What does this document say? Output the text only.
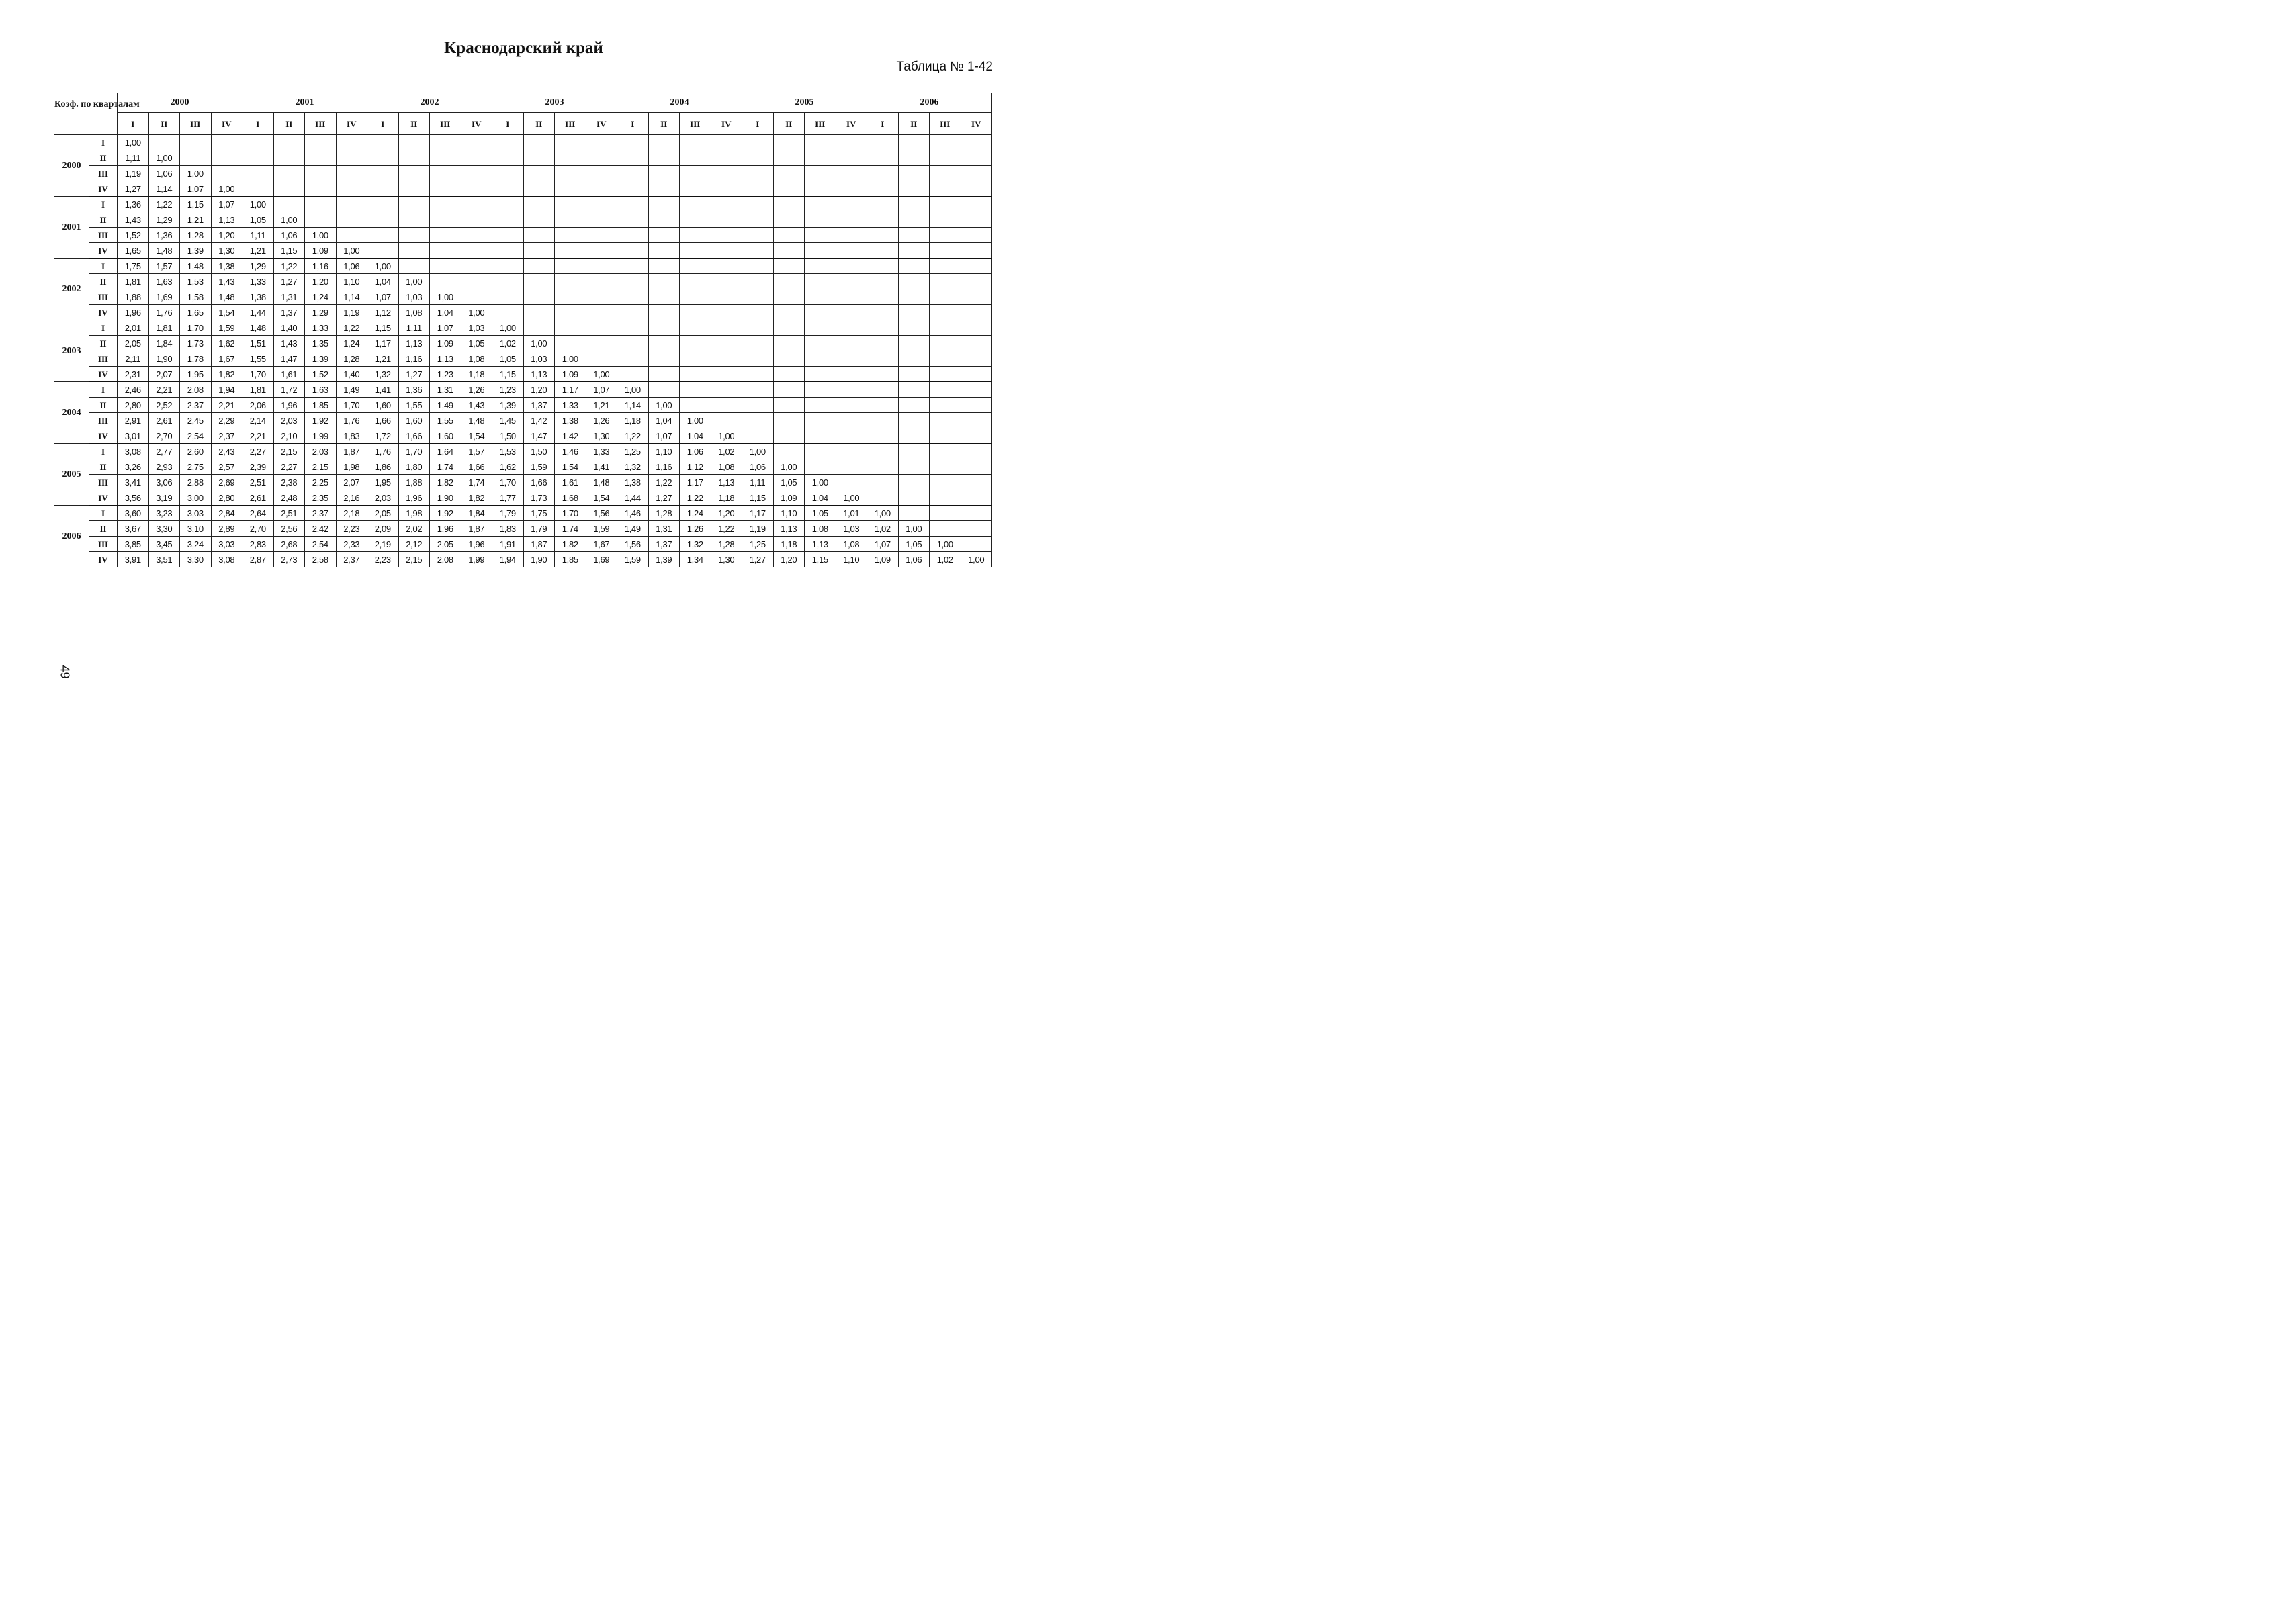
Краснодарский край
Таблица № 1-42
Коэф. по кварталам		2000				2001				2002				2003				2004				2005				2006			
		I	II	III	IV	I	II	III	IV	I	II	III	IV	I	II	III	IV	I	II	III	IV	I	II	III	IV	I	II	III	IV
2000	I	1,00																											
	II	1,11	1,00																										
	III	1,19	1,06	1,00																									
	IV	1,27	1,14	1,07	1,00																								
2001	I	1,36	1,22	1,15	1,07	1,00																							
	II	1,43	1,29	1,21	1,13	1,05	1,00																						
	III	1,52	1,36	1,28	1,20	1,11	1,06	1,00																					
	IV	1,65	1,48	1,39	1,30	1,21	1,15	1,09	1,00																				
2002	I	1,75	1,57	1,48	1,38	1,29	1,22	1,16	1,06	1,00																			
	II	1,81	1,63	1,53	1,43	1,33	1,27	1,20	1,10	1,04	1,00																		
	III	1,88	1,69	1,58	1,48	1,38	1,31	1,24	1,14	1,07	1,03	1,00																	
	IV	1,96	1,76	1,65	1,54	1,44	1,37	1,29	1,19	1,12	1,08	1,04	1,00																
2003	I	2,01	1,81	1,70	1,59	1,48	1,40	1,33	1,22	1,15	1,11	1,07	1,03	1,00															
	II	2,05	1,84	1,73	1,62	1,51	1,43	1,35	1,24	1,17	1,13	1,09	1,05	1,02	1,00														
	III	2,11	1,90	1,78	1,67	1,55	1,47	1,39	1,28	1,21	1,16	1,13	1,08	1,05	1,03	1,00													
	IV	2,31	2,07	1,95	1,82	1,70	1,61	1,52	1,40	1,32	1,27	1,23	1,18	1,15	1,13	1,09	1,00												
2004	I	2,46	2,21	2,08	1,94	1,81	1,72	1,63	1,49	1,41	1,36	1,31	1,26	1,23	1,20	1,17	1,07	1,00											
	II	2,80	2,52	2,37	2,21	2,06	1,96	1,85	1,70	1,60	1,55	1,49	1,43	1,39	1,37	1,33	1,21	1,14	1,00										
	III	2,91	2,61	2,45	2,29	2,14	2,03	1,92	1,76	1,66	1,60	1,55	1,48	1,45	1,42	1,38	1,26	1,18	1,04	1,00									
	IV	3,01	2,70	2,54	2,37	2,21	2,10	1,99	1,83	1,72	1,66	1,60	1,54	1,50	1,47	1,42	1,30	1,22	1,07	1,04	1,00								
2005	I	3,08	2,77	2,60	2,43	2,27	2,15	2,03	1,87	1,76	1,70	1,64	1,57	1,53	1,50	1,46	1,33	1,25	1,10	1,06	1,02	1,00							
	II	3,26	2,93	2,75	2,57	2,39	2,27	2,15	1,98	1,86	1,80	1,74	1,66	1,62	1,59	1,54	1,41	1,32	1,16	1,12	1,08	1,06	1,00						
	III	3,41	3,06	2,88	2,69	2,51	2,38	2,25	2,07	1,95	1,88	1,82	1,74	1,70	1,66	1,61	1,48	1,38	1,22	1,17	1,13	1,11	1,05	1,00					
	IV	3,56	3,19	3,00	2,80	2,61	2,48	2,35	2,16	2,03	1,96	1,90	1,82	1,77	1,73	1,68	1,54	1,44	1,27	1,22	1,18	1,15	1,09	1,04	1,00				
2006	I	3,60	3,23	3,03	2,84	2,64	2,51	2,37	2,18	2,05	1,98	1,92	1,84	1,79	1,75	1,70	1,56	1,46	1,28	1,24	1,20	1,17	1,10	1,05	1,01	1,00			
	II	3,67	3,30	3,10	2,89	2,70	2,56	2,42	2,23	2,09	2,02	1,96	1,87	1,83	1,79	1,74	1,59	1,49	1,31	1,26	1,22	1,19	1,13	1,08	1,03	1,02	1,00		
	III	3,85	3,45	3,24	3,03	2,83	2,68	2,54	2,33	2,19	2,12	2,05	1,96	1,91	1,87	1,82	1,67	1,56	1,37	1,32	1,28	1,25	1,18	1,13	1,08	1,07	1,05	1,00	
	IV	3,91	3,51	3,30	3,08	2,87	2,73	2,58	2,37	2,23	2,15	2,08	1,99	1,94	1,90	1,85	1,69	1,59	1,39	1,34	1,30	1,27	1,20	1,15	1,10	1,09	1,06	1,02	1,00
49
